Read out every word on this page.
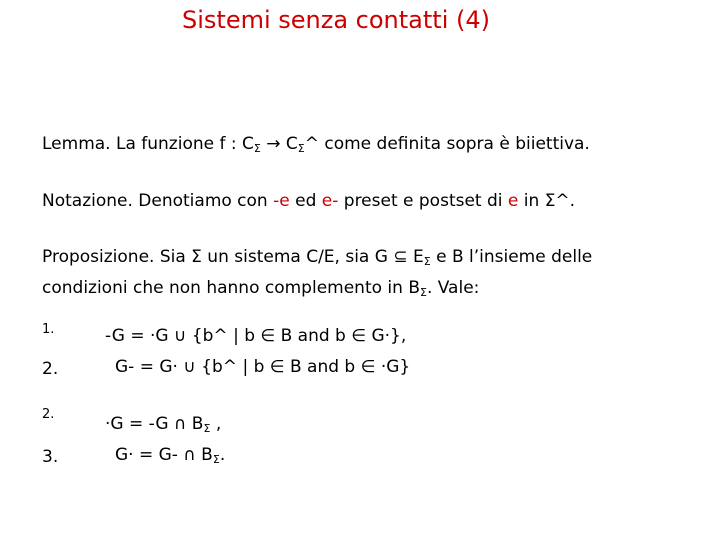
Sistemi senza contatti (4)
Lemma. La funzione f : $C_\Sigma$ → $C_\Sigma\^{}$ come definita sopra è biiettiva.
Notazione. Denotiamo con -e ed e- preset e postset di e in Σ^.
Proposizione. Sia Σ un sistema C/E, sia G ⊆ $E_\Sigma$ e B l’insieme delle
condizioni che non hanno complemento in $B_\Sigma$. Vale:
1.	-G = ·G ∪ {b^ | b ∈ B and b ∈ G·},
2.	G- = G· ∪ {b^ | b ∈ B and b ∈ ·G}
2.	·G = -G ∩ $B_\Sigma$ ,
3.	G· = G- ∩ $B_\Sigma$.
